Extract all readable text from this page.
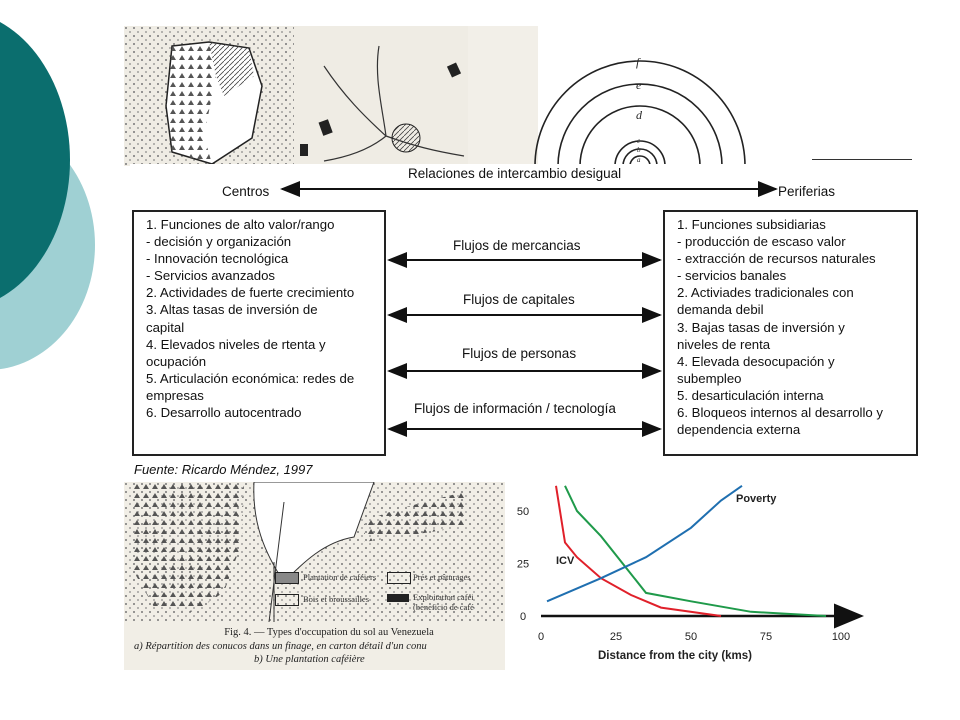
f
e
d
c
b
a
Plantation de caféiers
Bois et broussailles
Prés et pâturages
Exploitation caféi (beneficio de café
Fig. 4. — Types d'occupation du sol au Venezuela
a) Répartition des conucos dans un finage, en carton détail d'un conu
b) Une plantation caféière
Relaciones de intercambio desigual
Centros	Periferias
1. Funciones de alto valor/rango
- decisión y organización
- Innovación tecnológica
- Servicios avanzados
2. Actividades de fuerte crecimiento
3. Altas tasas de inversión de
capital
4. Elevados niveles de rtenta y
ocupación
5. Articulación económica: redes de
empresas
6. Desarrollo autocentrado
1. Funciones subsidiarias
- producción de escaso valor
- extracción de recursos naturales
- servicios banales
2. Activiades tradicionales con
demanda debil
3. Bajas tasas de inversión y
niveles de renta
4. Elevada desocupación y
subempleo
5. desarticulación interna
6. Bloqueos internos al desarrollo y
dependencia externa
Flujos de mercancias
Flujos de capitales
Flujos de personas
Flujos de información / tecnología
Fuente: Ricardo Méndez, 1997
0	25	50	75	100
0
25
50
Distance from the city (kms)
Poverty
ICV
